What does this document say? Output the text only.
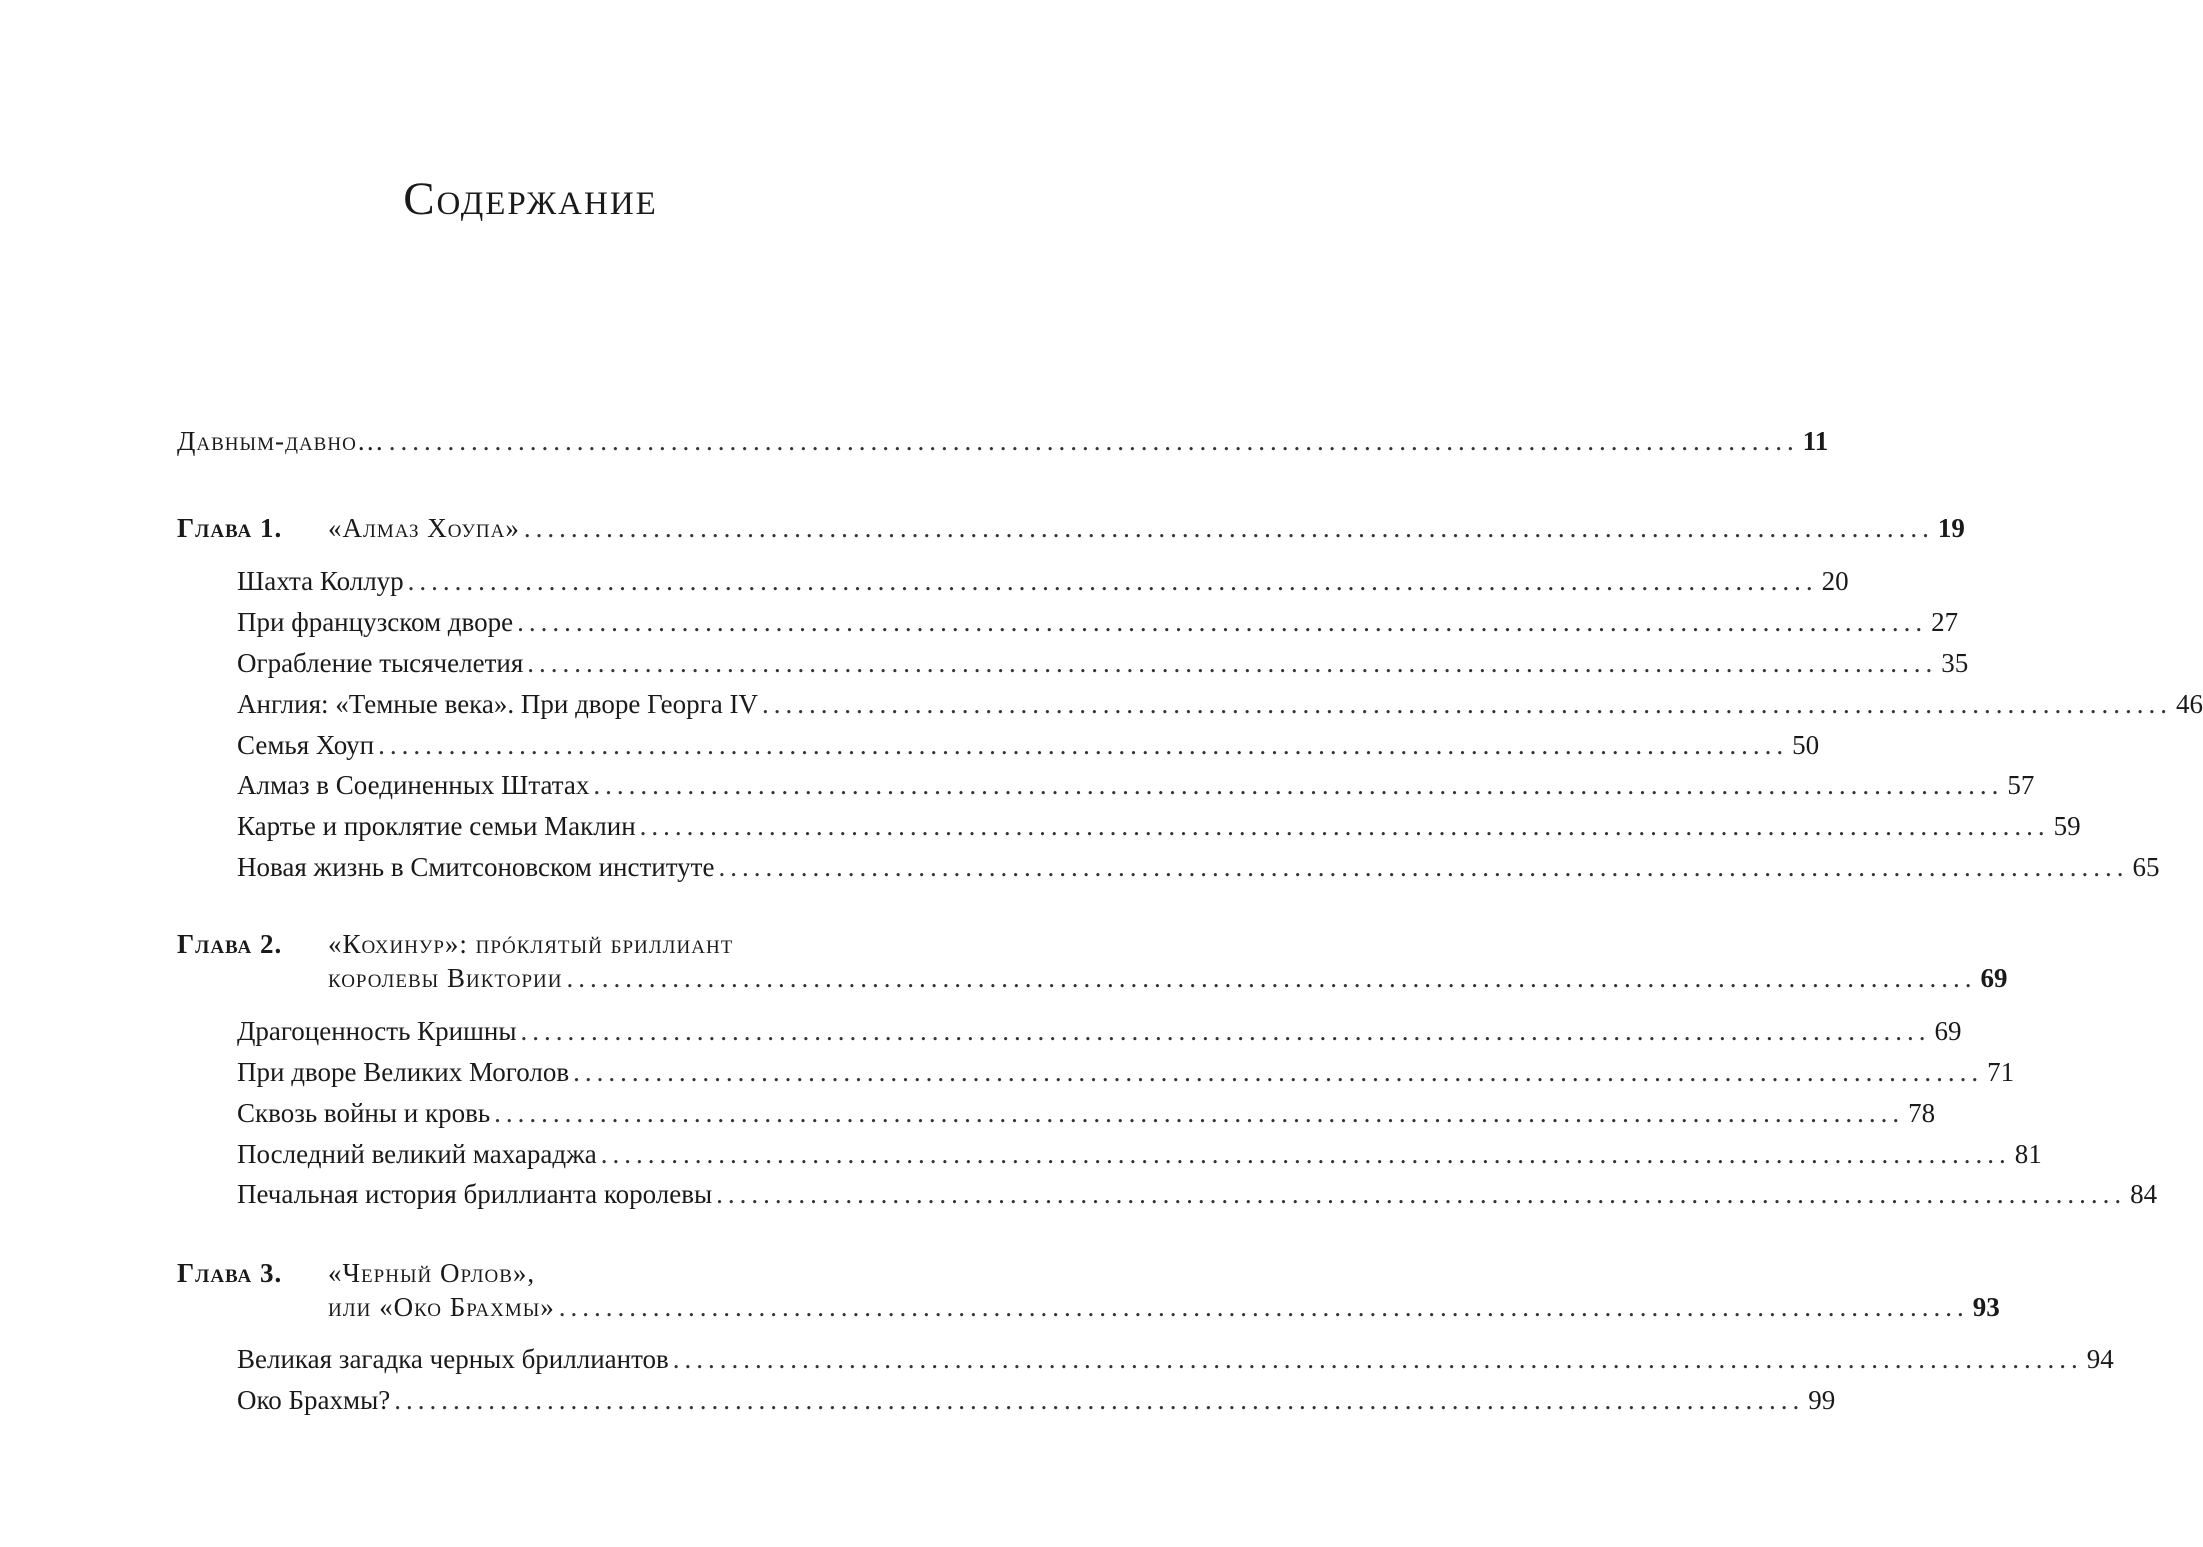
Содержание
Давным-давно… ........................................................................................................................ 11
Глава 1. «Алмаз Хоупа» ........................................................................................................................ 19
Шахта Коллур ........................................................................................................................ 20
При французском дворе ........................................................................................................................ 27
Ограбление тысячелетия ........................................................................................................................ 35
Англия: «Темные века». При дворе Георга IV ........................................................................................................................ 46
Семья Хоуп ........................................................................................................................ 50
Алмаз в Соединенных Штатах ........................................................................................................................ 57
Картье и проклятие семьи Маклин ........................................................................................................................ 59
Новая жизнь в Смитсоновском институте ........................................................................................................................ 65
Глава 2. «Кохинур»: прóклятый бриллиант
королевы Виктории ........................................................................................................................ 69
Драгоценность Кришны ........................................................................................................................ 69
При дворе Великих Моголов ........................................................................................................................ 71
Сквозь войны и кровь ........................................................................................................................ 78
Последний великий махараджа ........................................................................................................................ 81
Печальная история бриллианта королевы ........................................................................................................................ 84
Глава 3. «Черный Орлов»,
или «Око Брахмы» ........................................................................................................................ 93
Великая загадка черных бриллиантов ........................................................................................................................ 94
Око Брахмы? ........................................................................................................................ 99
